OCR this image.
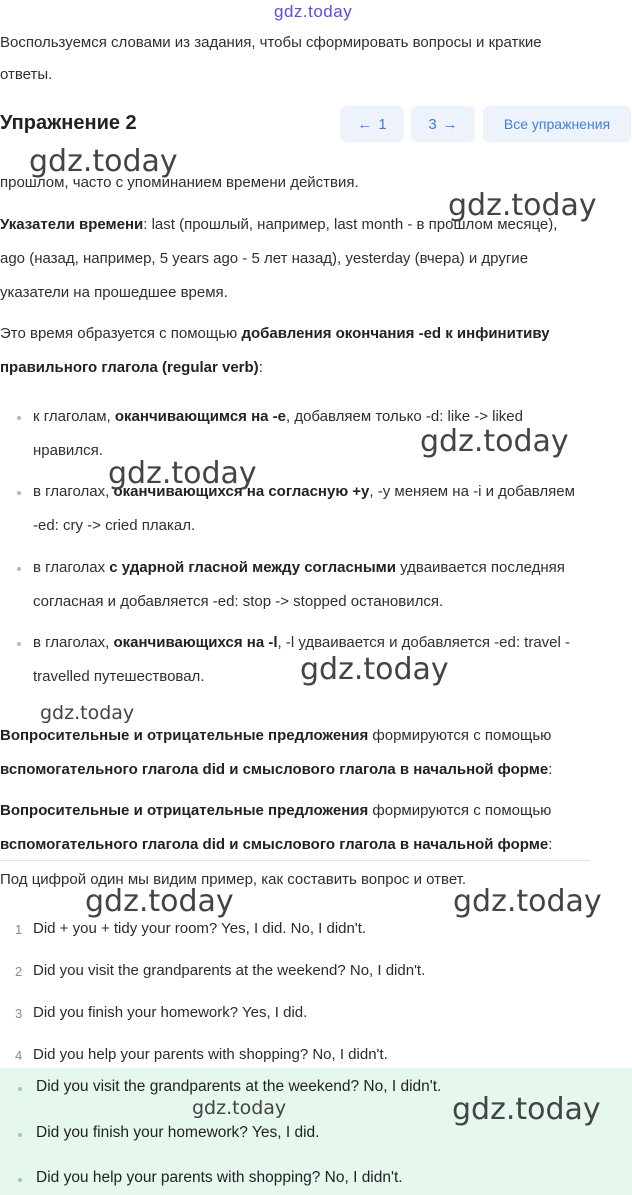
gdz.today
Воспользуемся словами из задания, чтобы сформировать вопросы и краткие
ответы.
Упражнение 2	← 1	3 →	Все упражнения
прошлом, часто с упоминанием времени действия.
Указатели времени: last (прошлый, например, last month - в прошлом месяце),
ago (назад, например, 5 years ago - 5 лет назад), yesterday (вчера) и другие
указатели на прошедшее время.
Это время образуется с помощью добавления окончания -ed к инфинитиву
правильного глагола (regular verb):
к глаголам, оканчивающимся на -е, добавляем только -d: like -> liked
нравился.
в глаголах, оканчивающихся на согласную +y, -y меняем на -i и добавляем
-ed: cry -> cried плакал.
в глаголах с ударной гласной между согласными удваивается последняя
согласная и добавляется -ed: stop -> stopped остановился.
в глаголах, оканчивающихся на -l, -l удваивается и добавляется -ed: travel -
travelled путешествовал.
Вопросительные и отрицательные предложения формируются с помощью
вспомогательного глагола did и смыслового глагола в начальной форме:
Вопросительные и отрицательные предложения формируются с помощью
вспомогательного глагола did и смыслового глагола в начальной форме:
Под цифрой один мы видим пример, как составить вопрос и ответ.
1 Did + you + tidy your room? Yes, I did. No, I didn't.
2 Did you visit the grandparents at the weekend? No, I didn't.
3 Did you finish your homework? Yes, I did.
4 Did you help your parents with shopping? No, I didn't.
Did you visit the grandparents at the weekend? No, I didn't.
Did you finish your homework? Yes, I did.
Did you help your parents with shopping? No, I didn't.
gdz.today
gdz.today
gdz.today
gdz.today
gdz.today
gdz.today
gdz.today	gdz.today
gdz.today	gdz.today
